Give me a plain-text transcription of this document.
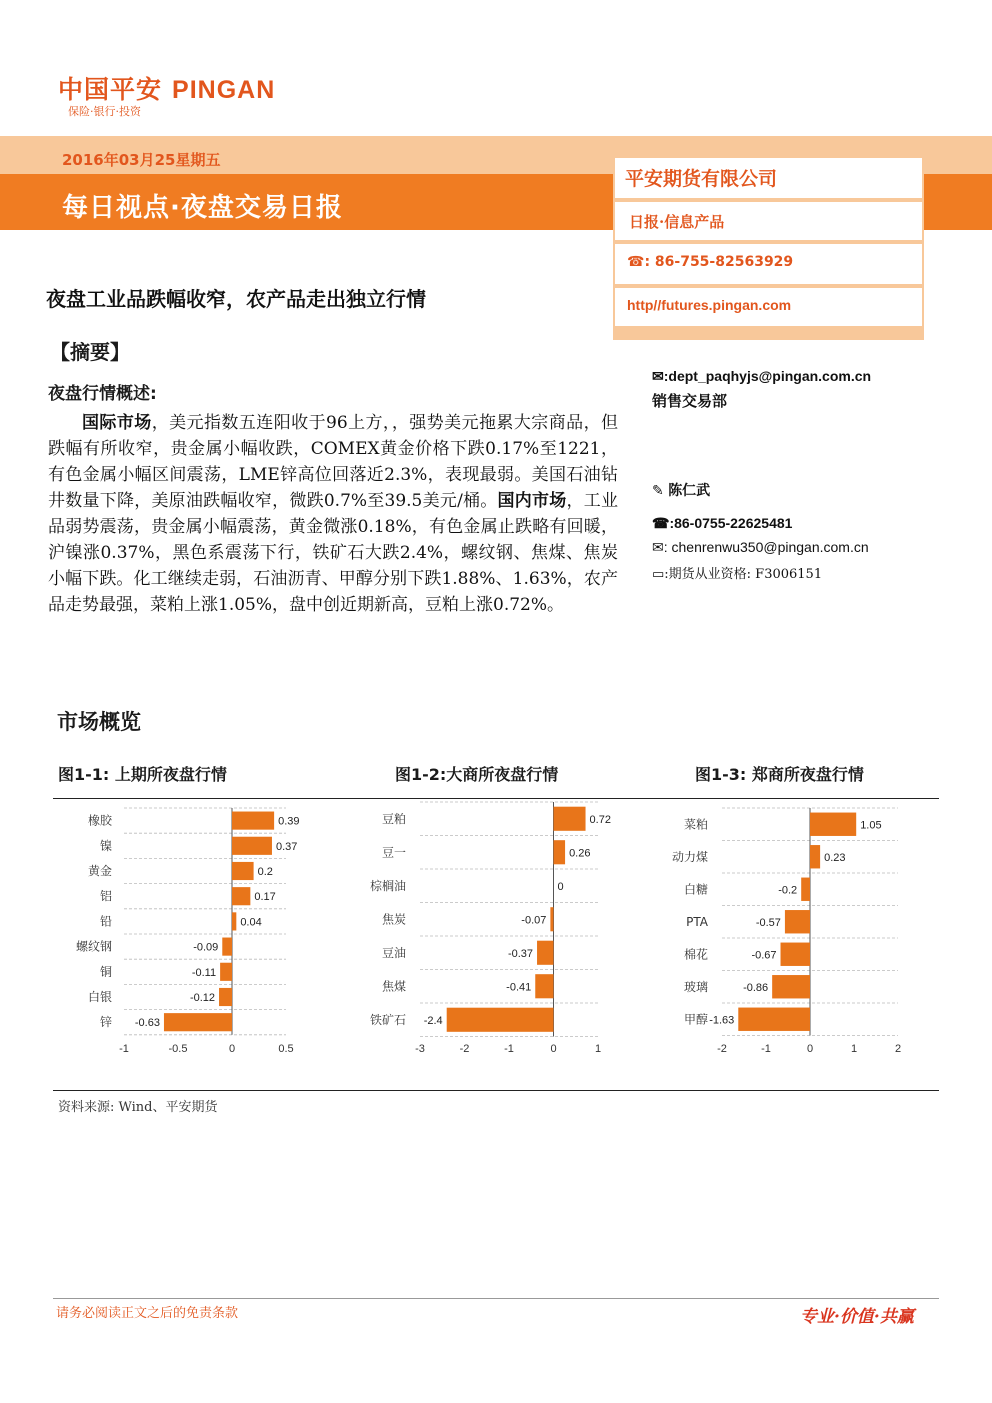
中国平安 PINGAN
保险·银行·投资
2016年03月25星期五
每日视点·夜盘交易日报
平安期货有限公司
日报·信息产品
☎: 86-755-82563929
http//futures.pingan.com
✉:dept_paqhyjs@pingan.com.cn
销售交易部
✎ 陈仁武
☎:86-0755-22625481
✉: chenrenwu350@pingan.com.cn
▭:期货从业资格: F3006151
夜盘工业品跌幅收窄，农产品走出独立行情
【摘要】
夜盘行情概述:
国际市场，美元指数五连阳收于96上方，，强势美元拖累大宗商品，但跌幅有所收窄，贵金属小幅收跌，COMEX黄金价格下跌0.17%至1221，有色金属小幅区间震荡，LME锌高位回落近2.3%，表现最弱。美国石油钻井数量下降，美原油跌幅收窄，微跌0.7%至39.5美元/桶。国内市场，工业品弱势震荡，贵金属小幅震荡，黄金微涨0.18%，有色金属止跌略有回暖，沪镍涨0.37%，黑色系震荡下行，铁矿石大跌2.4%，螺纹钢、焦煤、焦炭小幅下跌。化工继续走弱，石油沥青、甲醇分别下跌1.88%、1.63%，农产品走势最强，菜粕上涨1.05%，盘中创近期新高，豆粕上涨0.72%。
市场概览
图1-1: 上期所夜盘行情	图1-2:大商所夜盘行情	图1-3: 郑商所夜盘行情
橡胶	0.39
镍	0.37
黄金	0.2
铝	0.17
铅	0.04
螺纹钢	-0.09
铜	-0.11
白银	-0.12
锌 -0.63
-1	-0.5	0	0.5
豆粕	0.72
豆一	0.26
棕榈油	0
焦炭	-0.07
豆油	-0.37
焦煤	-0.41
铁矿石 -2.4
-3	-2	-1	0	1
菜粕	1.05
动力煤	0.23
白糖	-0.2
PTA	-0.57
棉花	-0.67
玻璃	-0.86
甲醇 -1.63
-2	-1	0	1	2
资料来源: Wind、平安期货
请务必阅读正文之后的免责条款	专业·价值·共赢
